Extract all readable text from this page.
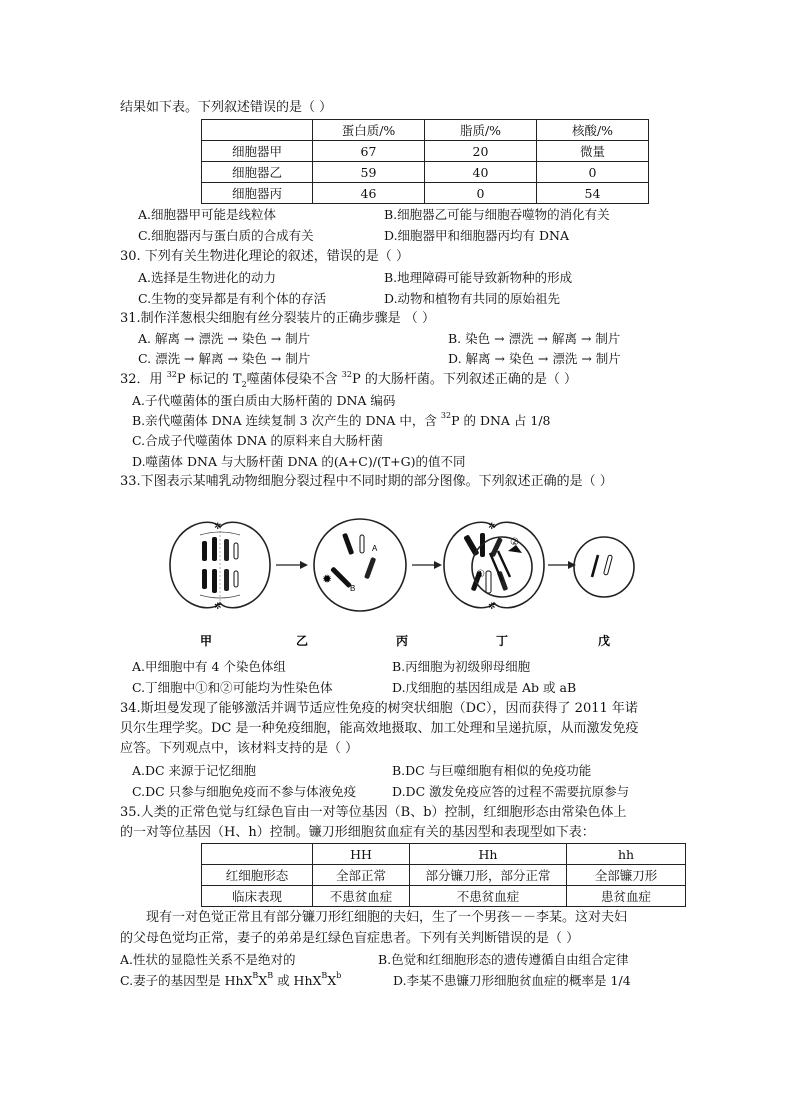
结果如下表。下列叙述错误的是（ ）
	蛋白质/%	脂质/%	核酸/%
细胞器甲	67	20	微量
细胞器乙	59	40	0
细胞器丙	46	0	54
A.细胞器甲可能是线粒体	B.细胞器乙可能与细胞吞噬物的消化有关
C.细胞器丙与蛋白质的合成有关	D.细胞器甲和细胞器丙均有 DNA
30. 下列有关生物进化理论的叙述，错误的是（ ）
A.选择是生物进化的动力	B.地理障碍可能导致新物种的形成
C.生物的变异都是有利个体的存活	D.动物和植物有共同的原始祖先
31.制作洋葱根尖细胞有丝分裂装片的正确步骤是 （ ）
A. 解离 → 漂洗 → 染色 → 制片	B. 染色 → 漂洗 → 解离 → 制片
C. 漂洗 → 解离 → 染色 → 制片	D. 解离 → 染色 → 漂洗 → 制片
32．用 $^{32}$P 标记的 T2噬菌体侵染不含 $^{32}$P 的大肠杆菌。下列叙述正确的是（ ）
A.子代噬菌体的蛋白质由大肠杆菌的 DNA 编码
B.亲代噬菌体 DNA 连续复制 3 次产生的 DNA 中，含 $^{32}$P 的 DNA 占 1/8
C.合成子代噬菌体 DNA 的原料来自大肠杆菌
D.噬菌体 DNA 与大肠杆菌 DNA 的(A+C)/(T+G)的值不同
33.下图表示某哺乳动物细胞分裂过程中不同时期的部分图像。下列叙述正确的是（ ）
✲
✲
甲
✹
A
B
乙
✲
✲
丙
①
②
丁	戊
A.甲细胞中有 4 个染色体组	B.丙细胞为初级卵母细胞
C.丁细胞中①和②可能均为性染色体	D.戊细胞的基因组成是 Ab 或 aB
34.斯坦曼发现了能够激活并调节适应性免疫的树突状细胞（DC），因而获得了 2011 年诺
贝尔生理学奖。DC 是一种免疫细胞，能高效地摄取、加工处理和呈递抗原，从而激发免疫
应答。下列观点中，该材料支持的是（ ）
A.DC 来源于记忆细胞	B.DC 与巨噬细胞有相似的免疫功能
C.DC 只参与细胞免疫而不参与体液免疫	D.DC 激发免疫应答的过程不需要抗原参与
35.人类的正常色觉与红绿色盲由一对等位基因（B、b）控制，红细胞形态由常染色体上
的一对等位基因（H、h）控制。镰刀形细胞贫血症有关的基因型和表现型如下表：
	HH	Hh	hh
红细胞形态	全部正常	部分镰刀形，部分正常	全部镰刀形
临床表现	不患贫血症	不患贫血症	患贫血症
现有一对色觉正常且有部分镰刀形红细胞的夫妇，生了一个男孩－－李某。这对夫妇
的父母色觉均正常，妻子的弟弟是红绿色盲症患者。下列有关判断错误的是（ ）
A.性状的显隐性关系不是绝对的	B.色觉和红细胞形态的遗传遵循自由组合定律
C.妻子的基因型是 $HhX^BX^B$ 或 $HhX^BX^b$	D.李某不患镰刀形细胞贫血症的概率是 1/4
